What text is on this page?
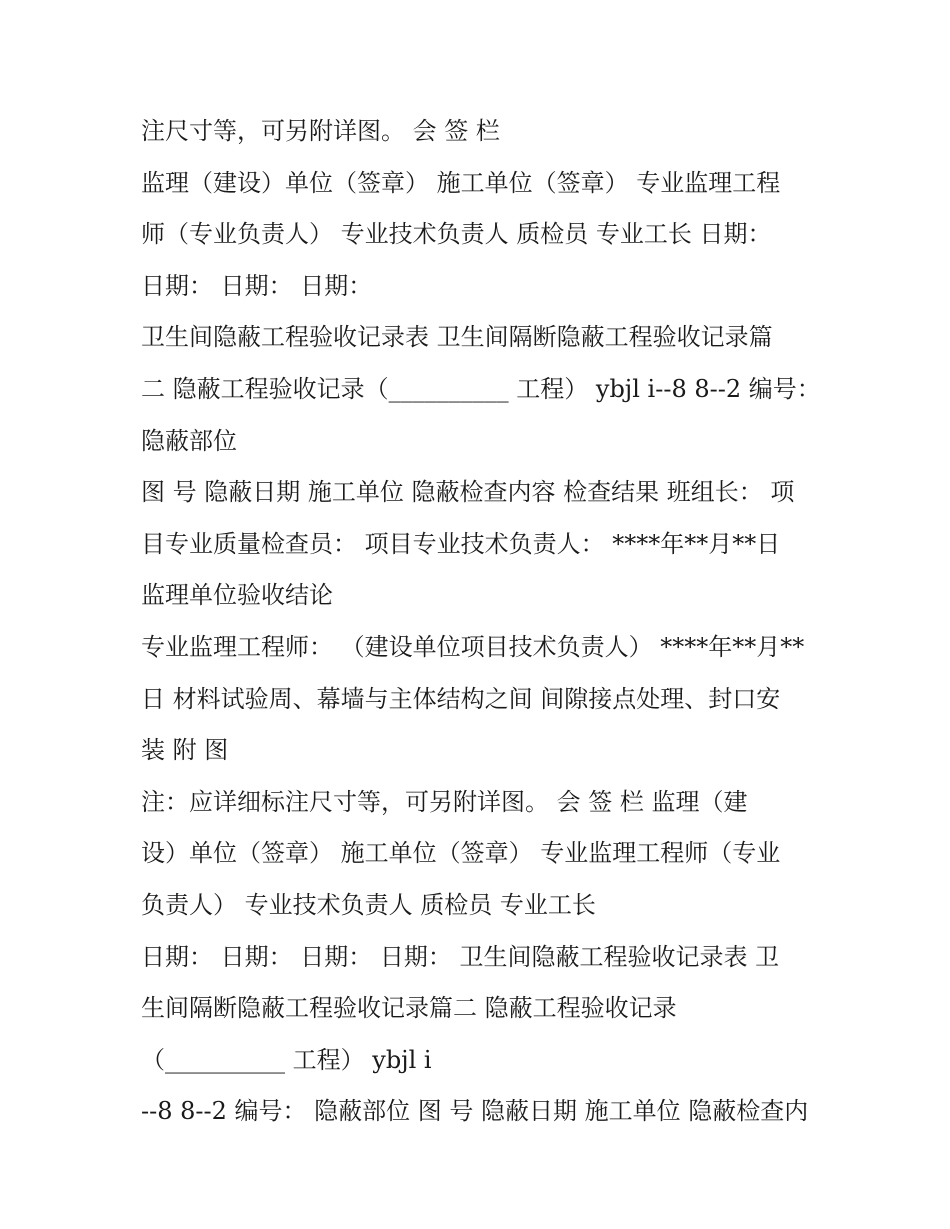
注尺寸等，可另附详图。 会 签 栏
监理（建设）单位（签章） 施工单位（签章） 专业监理工程
师（专业负责人） 专业技术负责人 质检员 专业工长 日期：
日期： 日期： 日期：
卫生间隐蔽工程验收记录表 卫生间隔断隐蔽工程验收记录篇
二 隐蔽工程验收记录（__________ 工程） ybjl i--8 8--2 编号：
隐蔽部位
图 号 隐蔽日期 施工单位 隐蔽检查内容 检查结果 班组长： 项
目专业质量检查员： 项目专业技术负责人： ****年**月**日
监理单位验收结论
专业监理工程师： （建设单位项目技术负责人） ****年**月**
日 材料试验周、幕墙与主体结构之间 间隙接点处理、封口安
装 附 图
注：应详细标注尺寸等，可另附详图。 会 签 栏 监理（建
设）单位（签章） 施工单位（签章） 专业监理工程师（专业
负责人） 专业技术负责人 质检员 专业工长
日期： 日期： 日期： 日期： 卫生间隐蔽工程验收记录表 卫
生间隔断隐蔽工程验收记录篇二 隐蔽工程验收记录
（__________ 工程） ybjl i
--8 8--2 编号： 隐蔽部位 图 号 隐蔽日期 施工单位 隐蔽检查内
